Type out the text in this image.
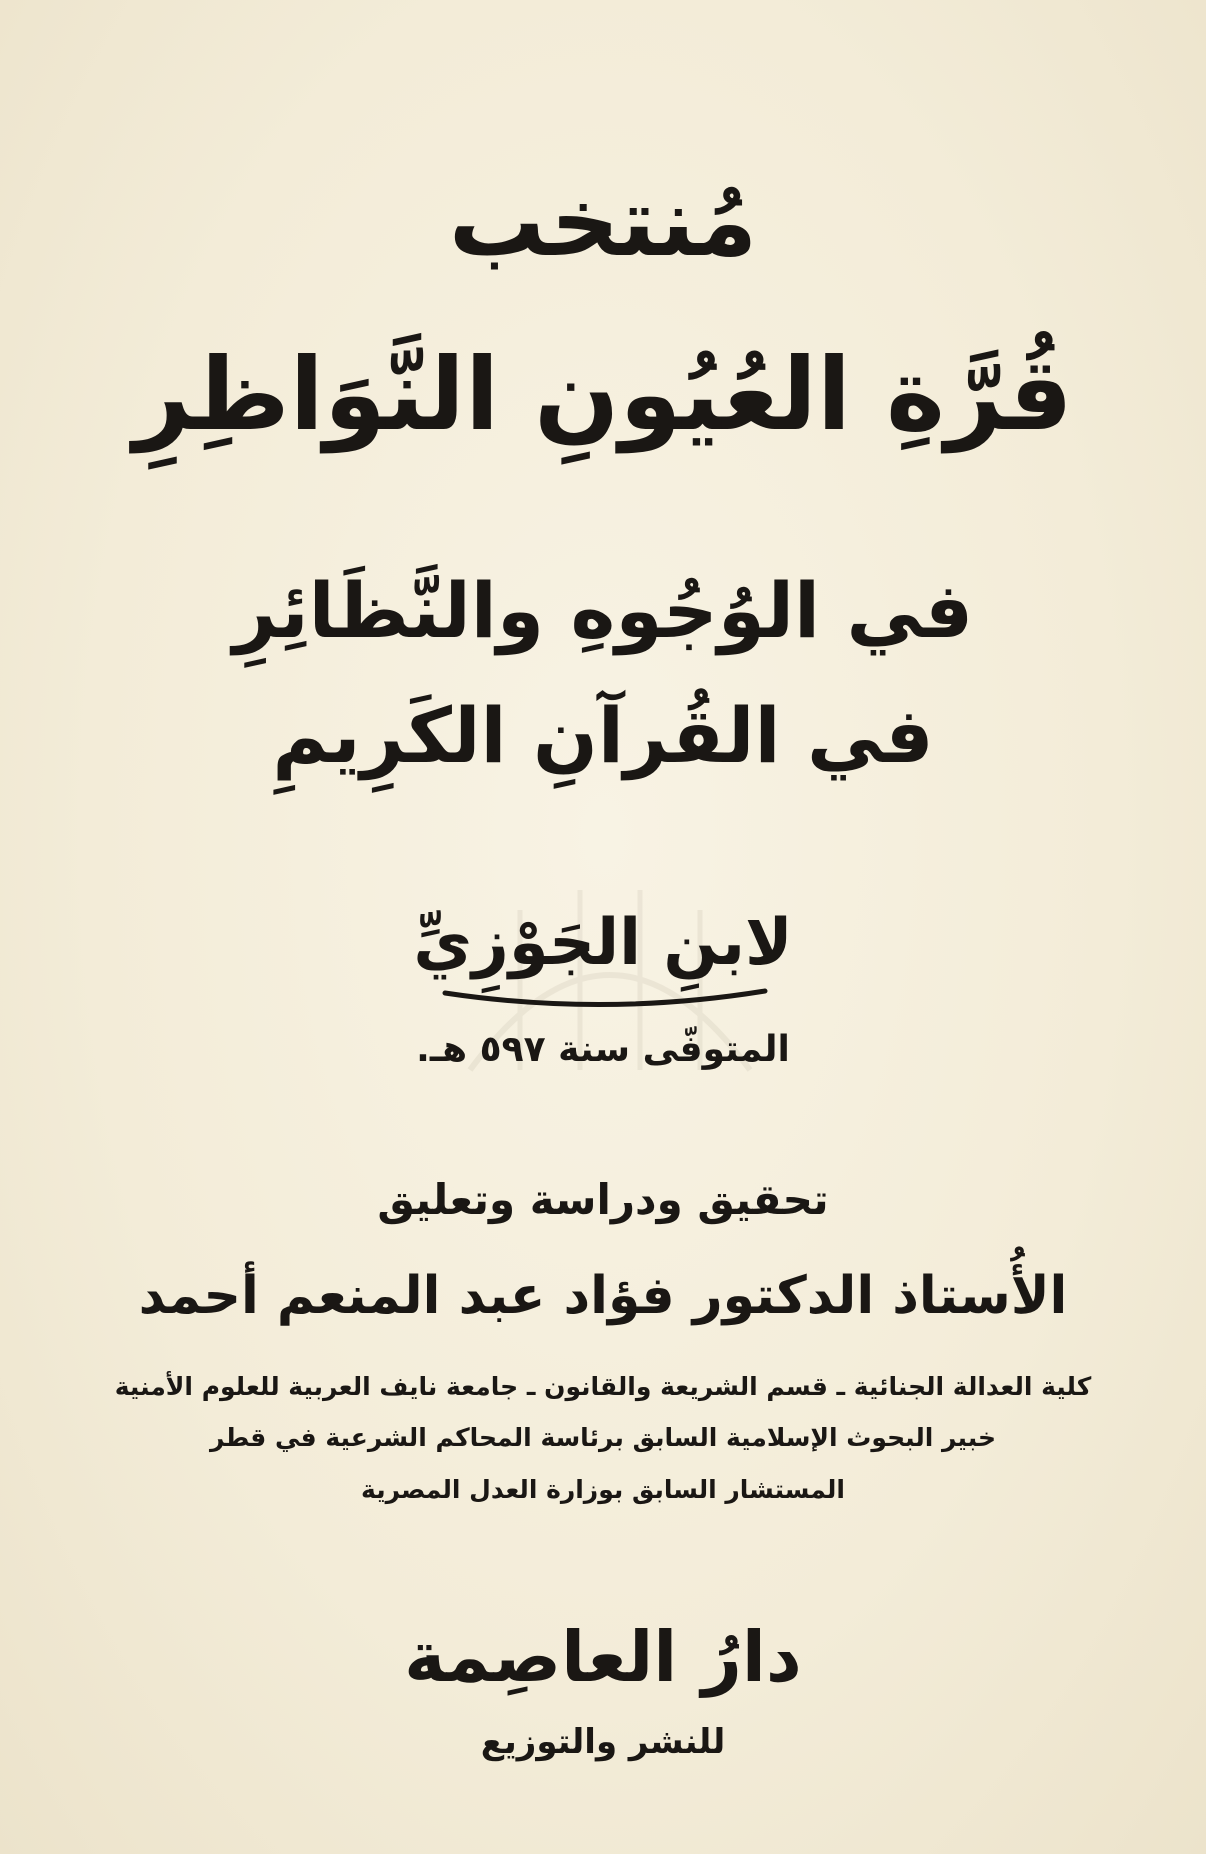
مُنتخب
قُرَّةِ العُيُونِ النَّوَاظِرِ
في الوُجُوهِ والنَّظَائِرِ
في القُرآنِ الكَرِيمِ
لابنِ الجَوْزِيِّ
المتوفّى سنة ٥٩٧ هـ.
تحقيق ودراسة وتعليق
الأُستاذ الدكتور فؤاد عبد المنعم أحمد
كلية العدالة الجنائية ـ قسم الشريعة والقانون ـ جامعة نايف العربية للعلوم الأمنية
خبير البحوث الإسلامية السابق برئاسة المحاكم الشرعية في قطر
المستشار السابق بوزارة العدل المصرية
دارُ العاصِمة
للنشر والتوزيع
